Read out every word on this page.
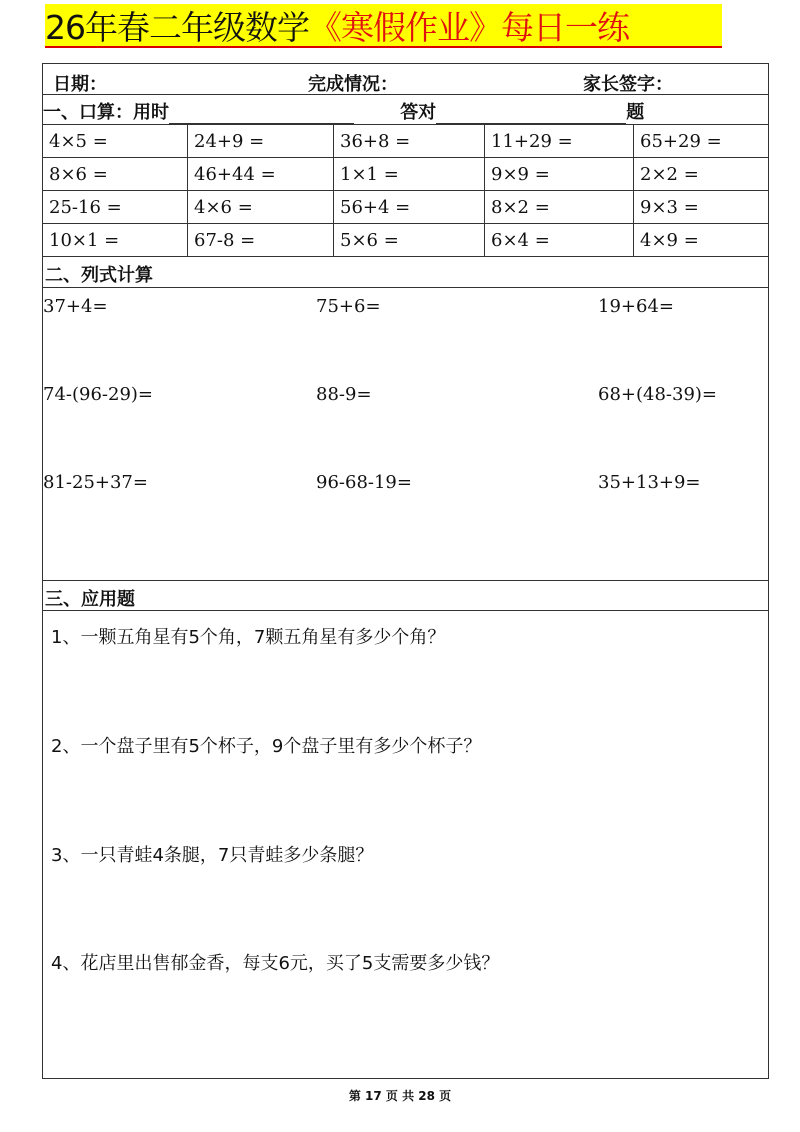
26年春二年级数学 《寒假作业》每日一练
日期：	完成情况：	家长签字：
一、口算：用时	答对	题
4×5 =	24+9 =	36+8 =	11+29 =	65+29 =
8×6 =	46+44 =	1×1 =	9×9 =	2×2 =
25-16 =	4×6 =	56+4 =	8×2 =	9×3 =
10×1 =	67-8 =	5×6 =	6×4 =	4×9 =
二、列式计算
37+4=	75+6=	19+64=
74-(96-29)=	88-9=	68+(48-39)=
81-25+37=	96-68-19=	35+13+9=
三、应用题
1、一颗五角星有5个角，7颗五角星有多少个角？
2、一个盘子里有5个杯子，9个盘子里有多少个杯子？
3、一只青蛙4条腿，7只青蛙多少条腿？
4、花店里出售郁金香，每支6元，买了5支需要多少钱？
第 17 页 共 28 页
